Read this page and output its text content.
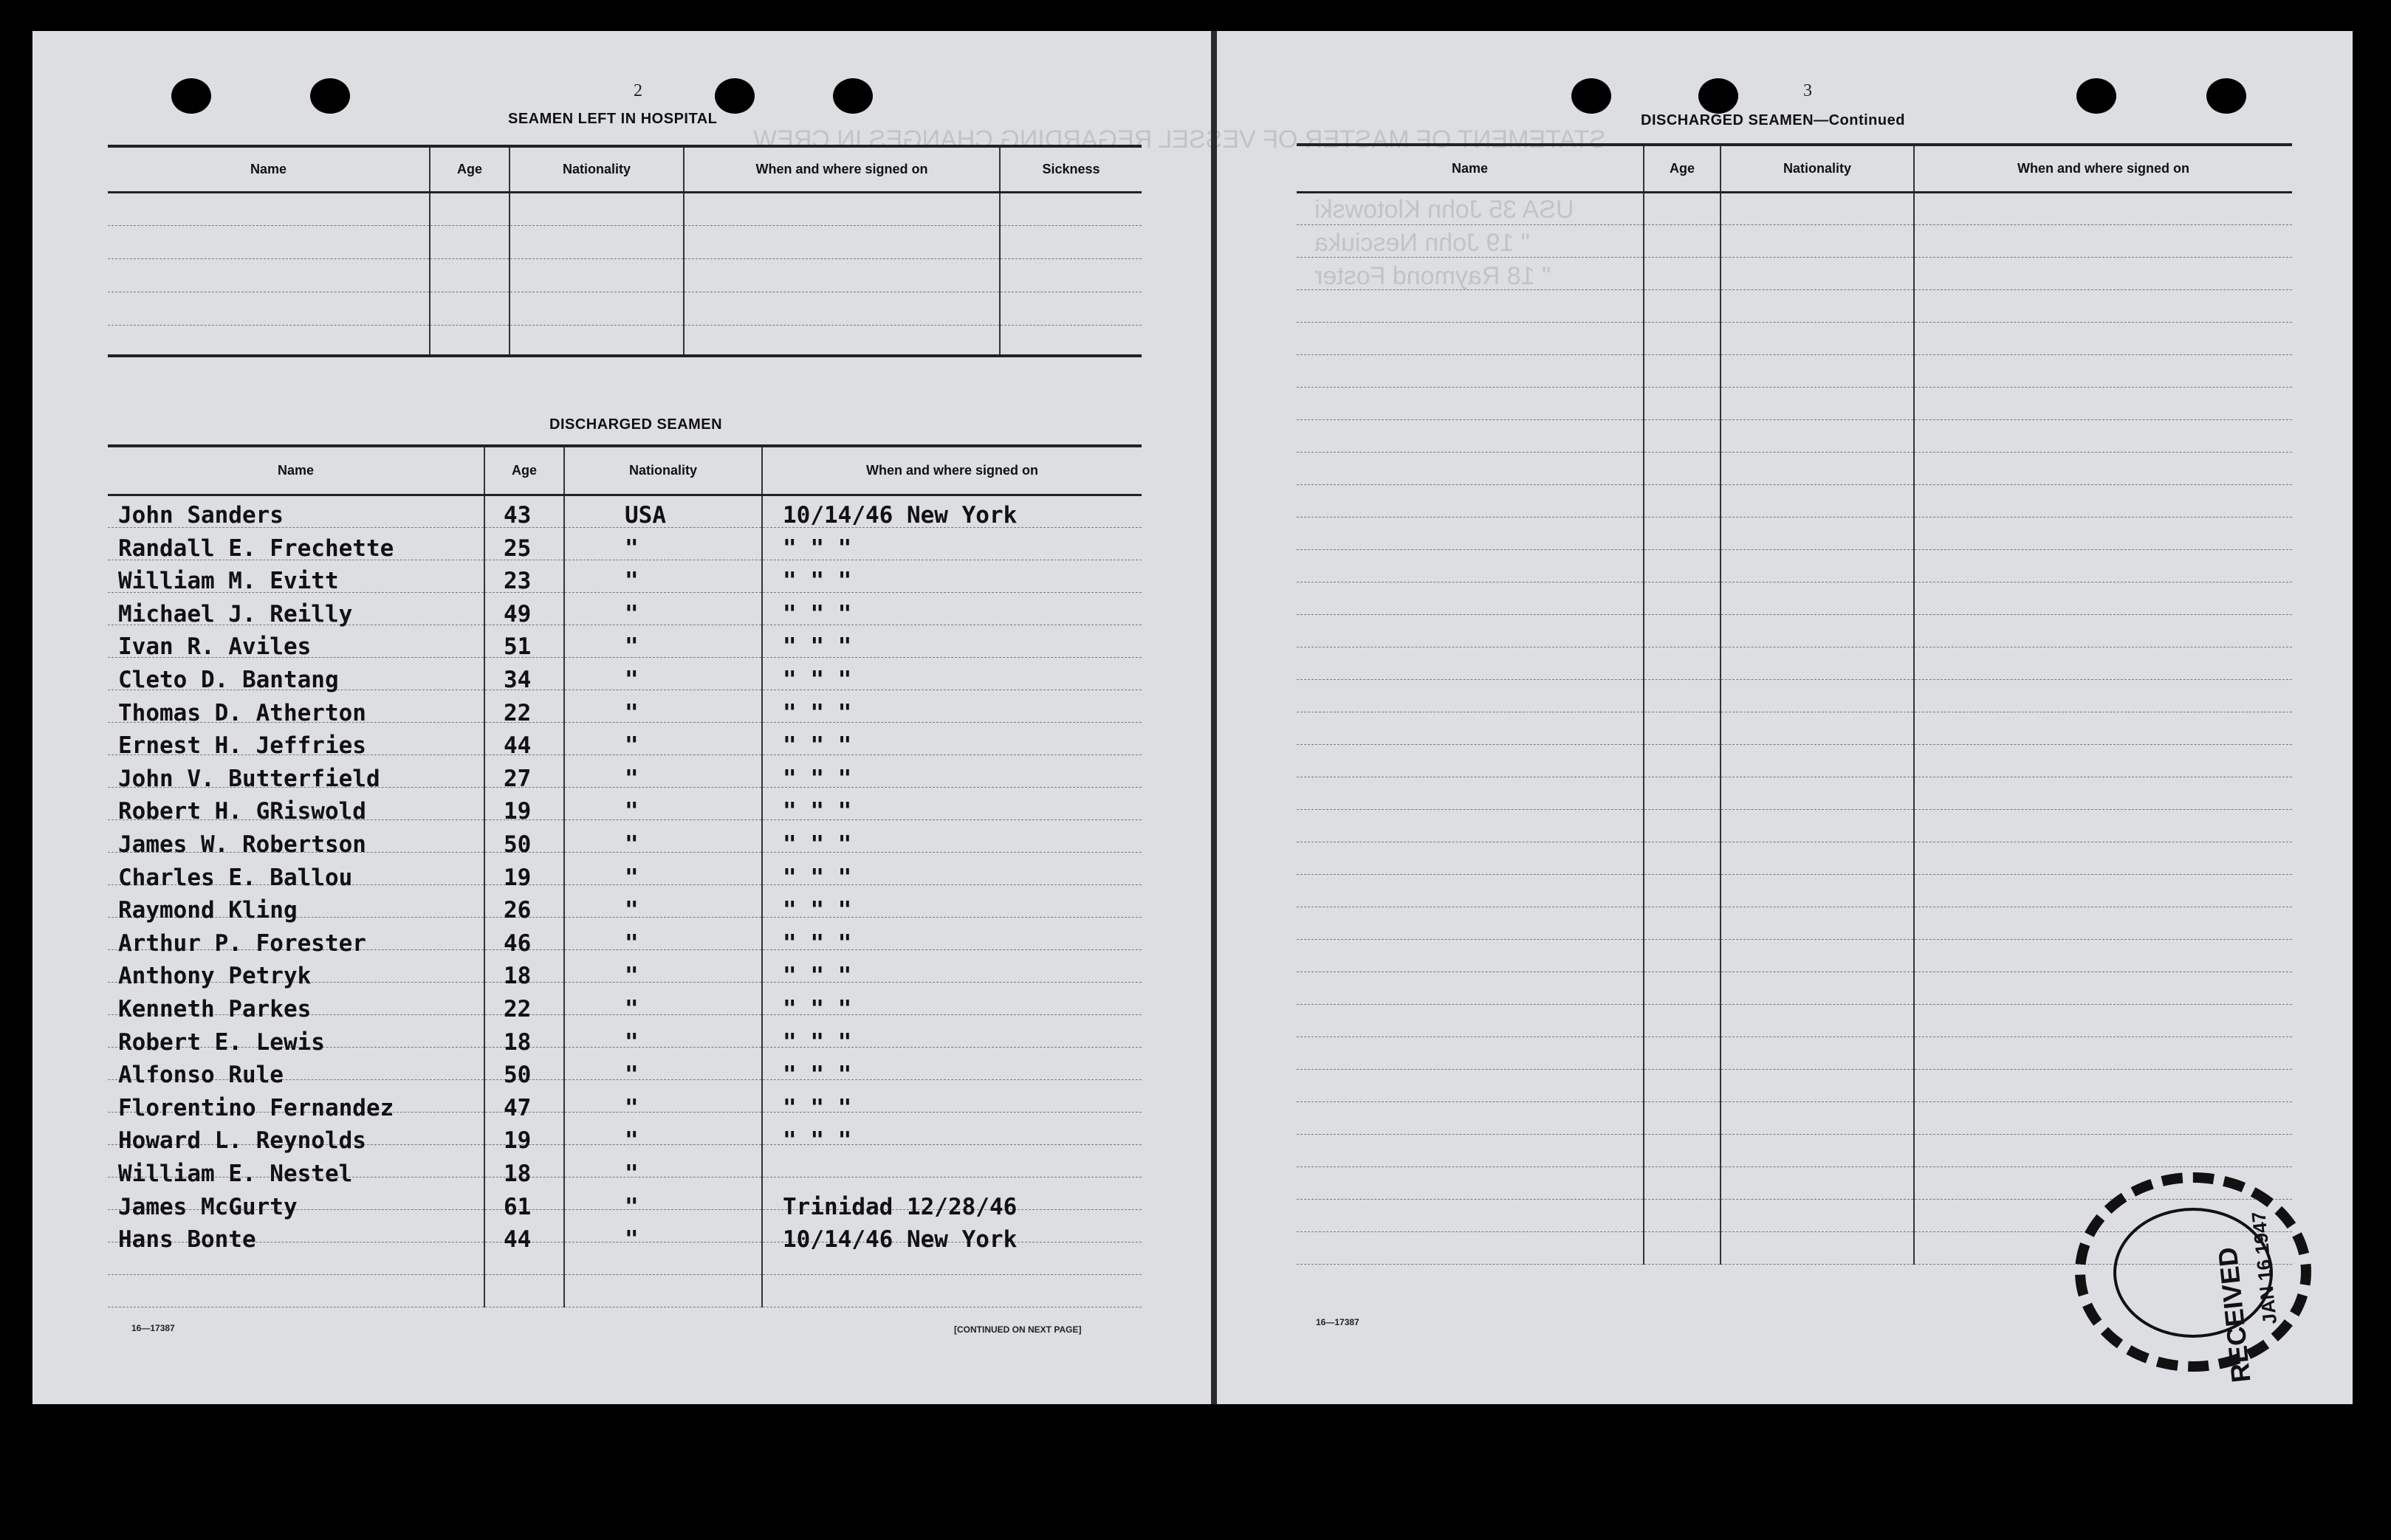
STATEMENT OF MASTER OF VESSEL REGARDING CHANGES IN CREW
USA 35 John Klotowski
" 19 John Nesciuka
" 18 Raymond Foster
2
SEAMEN LEFT IN HOSPITAL
Name	Age	Nationality	When and where signed on	Sickness

DISCHARGED SEAMEN
Name	Age	Nationality	When and where signed on

John Sanders	43	USA	10/14/46 New York
Randall E. Frechette	25	"	" " "
William M. Evitt	23	"	" " "
Michael J. Reilly	49	"	" " "
Ivan R. Aviles	51	"	" " "
Cleto D. Bantang	34	"	" " "
Thomas D. Atherton	22	"	" " "
Ernest H. Jeffries	44	"	" " "
John V. Butterfield	27	"	" " "
Robert H. GRiswold	19	"	" " "
James W. Robertson	50	"	" " "
Charles E. Ballou	19	"	" " "
Raymond Kling	26	"	" " "
Arthur P. Forester	46	"	" " "
Anthony Petryk	18	"	" " "
Kenneth Parkes	22	"	" " "
Robert E. Lewis	18	"	" " "
Alfonso Rule	50	"	" " "
Florentino Fernandez	47	"	" " "
Howard L. Reynolds	19	"	" " "
William E. Nestel	18	"
James McGurty	61	"	Trinidad 12/28/46
Hans Bonte	44	"	10/14/46 New York
16—17387	[CONTINUED ON NEXT PAGE]
3
DISCHARGED SEAMEN—Continued
Name	Age	Nationality	When and where signed on

16—17387	RECEIVED
JAN 16 1947
